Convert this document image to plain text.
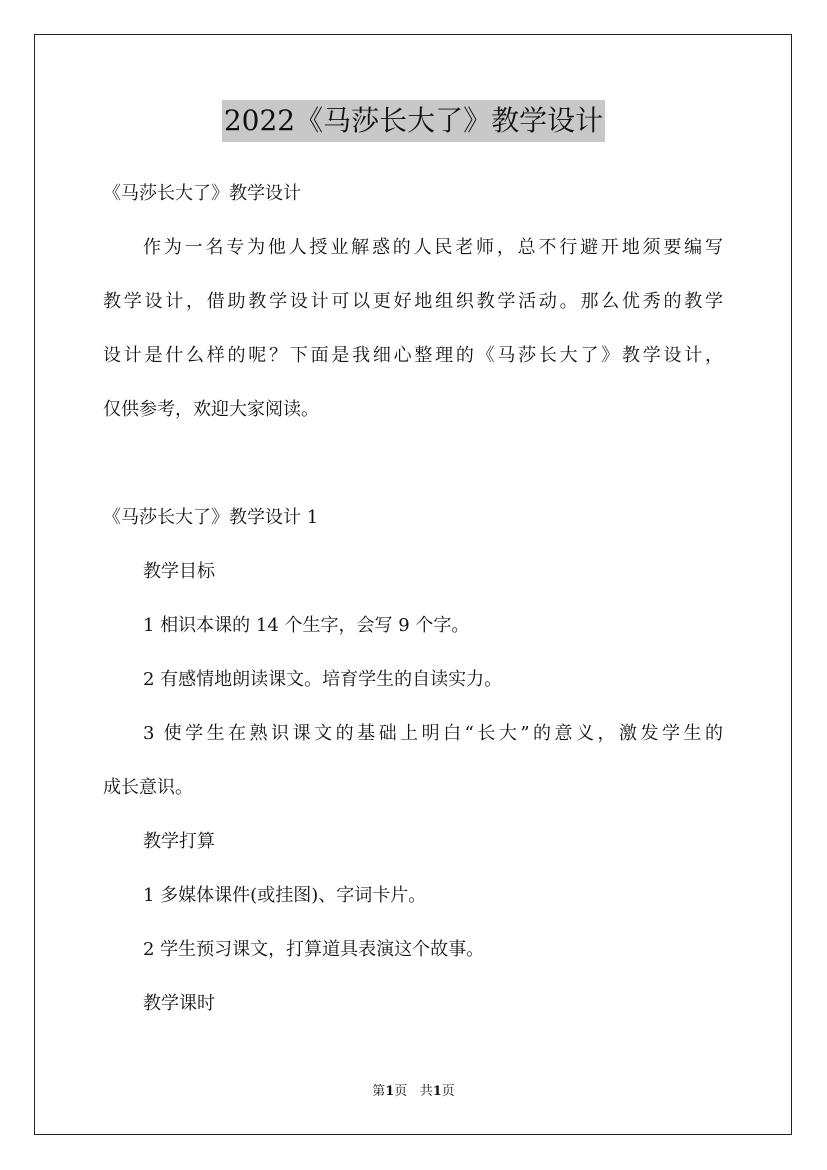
2022《马莎长大了》教学设计
《马莎长大了》教学设计
作为一名专为他人授业解惑的人民老师，总不行避开地须要编写
教学设计，借助教学设计可以更好地组织教学活动。那么优秀的教学
设计是什么样的呢？下面是我细心整理的《马莎长大了》教学设计，
仅供参考，欢迎大家阅读。
《马莎长大了》教学设计 1
教学目标
1 相识本课的 14 个生字，会写 9 个字。
2 有感情地朗读课文。培育学生的自读实力。
3 使学生在熟识课文的基础上明白“长大”的意义，激发学生的
成长意识。
教学打算
1 多媒体课件(或挂图)、字词卡片。
2 学生预习课文，打算道具表演这个故事。
教学课时
第1页   共1页
